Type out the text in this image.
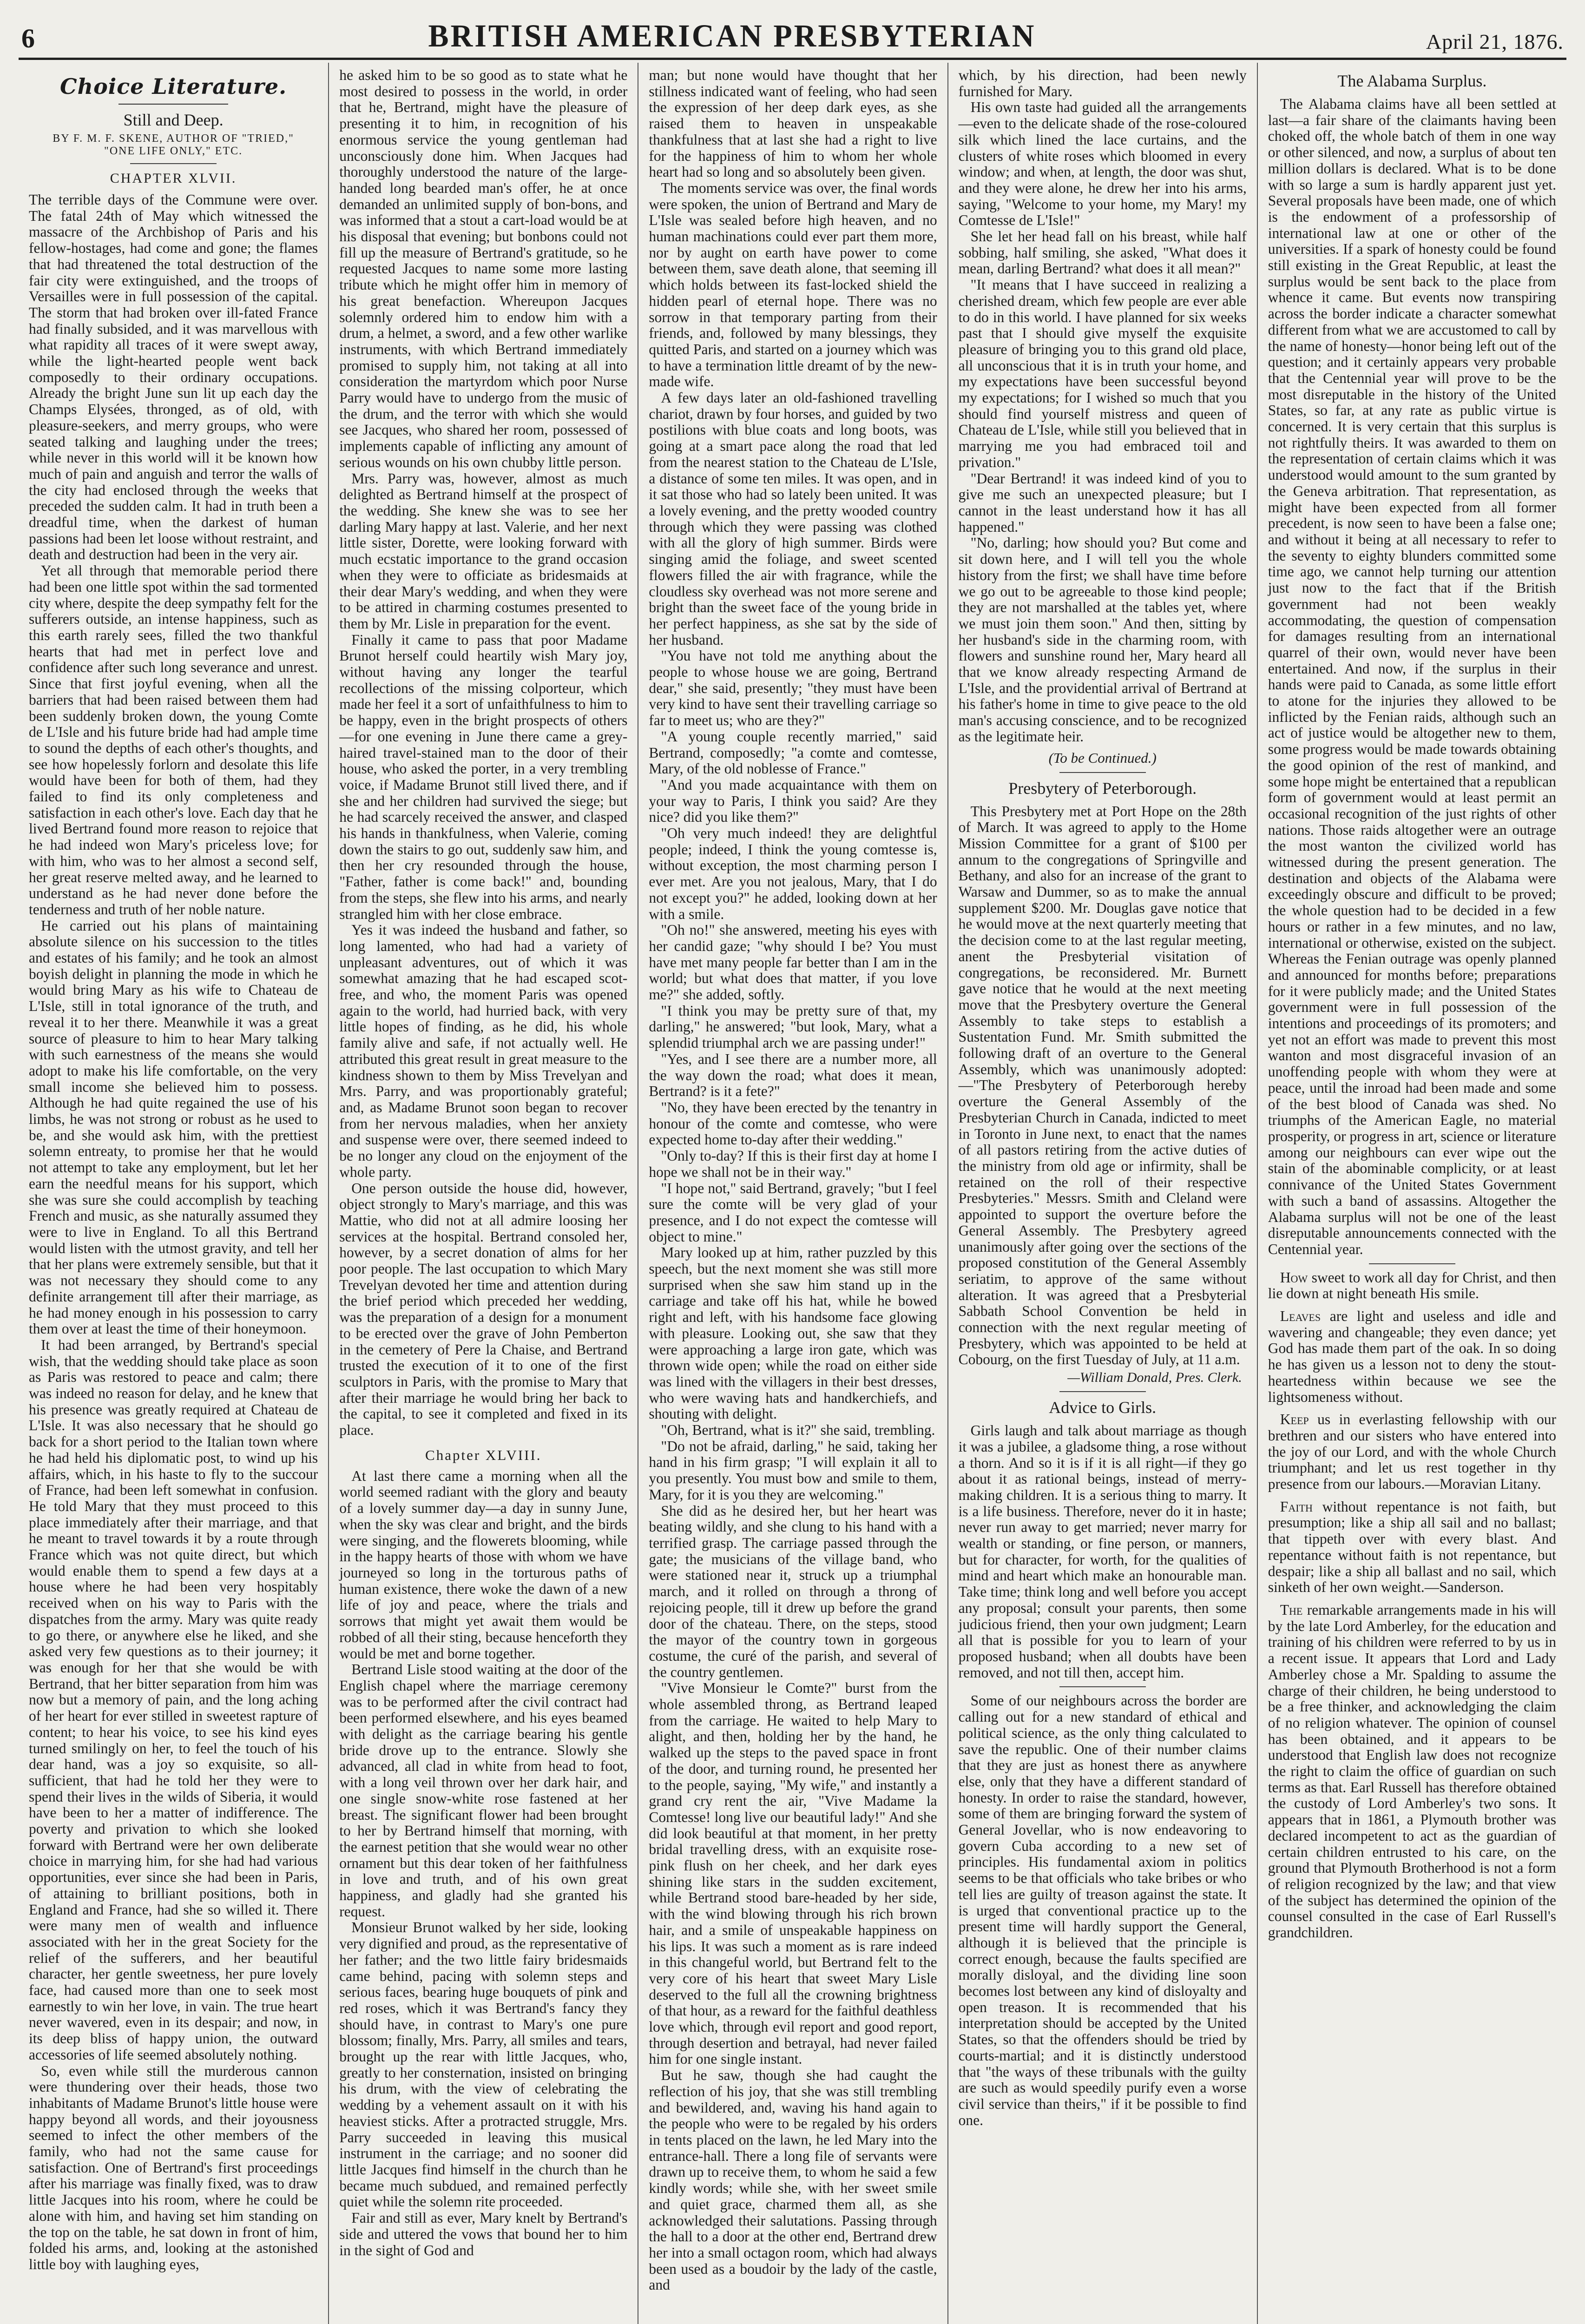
6	BRITISH AMERICAN PRESBYTERIAN	April 21, 1876.
Choice Literature.
Still and Deep.
BY F. M. F. SKENE, AUTHOR OF "TRIED,"
"ONE LIFE ONLY," ETC.
CHAPTER XLVII.

The terrible days of the Commune were over. The fatal 24th of May which witnessed the massacre of the Archbishop of Paris and his fellow-hostages, had come and gone; the flames that had threatened the total destruction of the fair city were extinguished, and the troops of Versailles were in full possession of the capital. The storm that had broken over ill-fated France had finally subsided, and it was marvellous with what rapidity all traces of it were swept away, while the light-hearted people went back composedly to their ordinary occupations. Already the bright June sun lit up each day the Champs Elysées, thronged, as of old, with pleasure-seekers, and merry groups, who were seated talking and laughing under the trees; while never in this world will it be known how much of pain and anguish and terror the walls of the city had enclosed through the weeks that preceded the sudden calm. It had in truth been a dreadful time, when the darkest of human passions had been let loose without restraint, and death and destruction had been in the very air.

Yet all through that memorable period there had been one little spot within the sad tormented city where, despite the deep sympathy felt for the sufferers outside, an intense happiness, such as this earth rarely sees, filled the two thankful hearts that had met in perfect love and confidence after such long severance and unrest. Since that first joyful evening, when all the barriers that had been raised between them had been suddenly broken down, the young Comte de L'Isle and his future bride had had ample time to sound the depths of each other's thoughts, and see how hopelessly forlorn and desolate this life would have been for both of them, had they failed to find its only completeness and satisfaction in each other's love. Each day that he lived Bertrand found more reason to rejoice that he had indeed won Mary's priceless love; for with him, who was to her almost a second self, her great reserve melted away, and he learned to understand as he had never done before the tenderness and truth of her noble nature.

He carried out his plans of maintaining absolute silence on his succession to the titles and estates of his family; and he took an almost boyish delight in planning the mode in which he would bring Mary as his wife to Chateau de L'Isle, still in total ignorance of the truth, and reveal it to her there. Meanwhile it was a great source of pleasure to him to hear Mary talking with such earnestness of the means she would adopt to make his life comfortable, on the very small income she believed him to possess. Although he had quite regained the use of his limbs, he was not strong or robust as he used to be, and she would ask him, with the prettiest solemn entreaty, to promise her that he would not attempt to take any employment, but let her earn the needful means for his support, which she was sure she could accomplish by teaching French and music, as she naturally assumed they were to live in England. To all this Bertrand would listen with the utmost gravity, and tell her that her plans were extremely sensible, but that it was not necessary they should come to any definite arrangement till after their marriage, as he had money enough in his possession to carry them over at least the time of their honeymoon.

It had been arranged, by Bertrand's special wish, that the wedding should take place as soon as Paris was restored to peace and calm; there was indeed no reason for delay, and he knew that his presence was greatly required at Chateau de L'Isle. It was also necessary that he should go back for a short period to the Italian town where he had held his diplomatic post, to wind up his affairs, which, in his haste to fly to the succour of France, had been left somewhat in confusion. He told Mary that they must proceed to this place immediately after their marriage, and that he meant to travel towards it by a route through France which was not quite direct, but which would enable them to spend a few days at a house where he had been very hospitably received when on his way to Paris with the dispatches from the army. Mary was quite ready to go there, or anywhere else he liked, and she asked very few questions as to their journey; it was enough for her that she would be with Bertrand, that her bitter separation from him was now but a memory of pain, and the long aching of her heart for ever stilled in sweetest rapture of content; to hear his voice, to see his kind eyes turned smilingly on her, to feel the touch of his dear hand, was a joy so exquisite, so all-sufficient, that had he told her they were to spend their lives in the wilds of Siberia, it would have been to her a matter of indifference. The poverty and privation to which she looked forward with Bertrand were her own deliberate choice in marrying him, for she had had various opportunities, ever since she had been in Paris, of attaining to brilliant positions, both in England and France, had she so willed it. There were many men of wealth and influence associated with her in the great Society for the relief of the sufferers, and her beautiful character, her gentle sweetness, her pure lovely face, had caused more than one to seek most earnestly to win her love, in vain. The true heart never wavered, even in its despair; and now, in its deep bliss of happy union, the outward accessories of life seemed absolutely nothing.

So, even while still the murderous cannon were thundering over their heads, those two inhabitants of Madame Brunot's little house were happy beyond all words, and their joyousness seemed to infect the other members of the family, who had not the same cause for satisfaction. One of Bertrand's first proceedings after his marriage was finally fixed, was to draw little Jacques into his room, where he could be alone with him, and having set him standing on the top on the table, he sat down in front of him, folded his arms, and, looking at the astonished little boy with laughing eyes,

he asked him to be so good as to state what he most desired to possess in the world, in order that he, Bertrand, might have the pleasure of presenting it to him, in recognition of his enormous service the young gentleman had unconsciously done him. When Jacques had thoroughly understood the nature of the large-handed long bearded man's offer, he at once demanded an unlimited supply of bon-bons, and was informed that a stout a cart-load would be at his disposal that evening; but bonbons could not fill up the measure of Bertrand's gratitude, so he requested Jacques to name some more lasting tribute which he might offer him in memory of his great benefaction. Whereupon Jacques solemnly ordered him to endow him with a drum, a helmet, a sword, and a few other warlike instruments, with which Bertrand immediately promised to supply him, not taking at all into consideration the martyrdom which poor Nurse Parry would have to undergo from the music of the drum, and the terror with which she would see Jacques, who shared her room, possessed of implements capable of inflicting any amount of serious wounds on his own chubby little person.

Mrs. Parry was, however, almost as much delighted as Bertrand himself at the prospect of the wedding. She knew she was to see her darling Mary happy at last. Valerie, and her next little sister, Dorette, were looking forward with much ecstatic importance to the grand occasion when they were to officiate as bridesmaids at their dear Mary's wedding, and when they were to be attired in charming costumes presented to them by Mr. Lisle in preparation for the event.

Finally it came to pass that poor Madame Brunot herself could heartily wish Mary joy, without having any longer the tearful recollections of the missing colporteur, which made her feel it a sort of unfaithfulness to him to be happy, even in the bright prospects of others—for one evening in June there came a grey-haired travel-stained man to the door of their house, who asked the porter, in a very trembling voice, if Madame Brunot still lived there, and if she and her children had survived the siege; but he had scarcely received the answer, and clasped his hands in thankfulness, when Valerie, coming down the stairs to go out, suddenly saw him, and then her cry resounded through the house, "Father, father is come back!" and, bounding from the steps, she flew into his arms, and nearly strangled him with her close embrace.

Yes it was indeed the husband and father, so long lamented, who had had a variety of unpleasant adventures, out of which it was somewhat amazing that he had escaped scot-free, and who, the moment Paris was opened again to the world, had hurried back, with very little hopes of finding, as he did, his whole family alive and safe, if not actually well. He attributed this great result in great measure to the kindness shown to them by Miss Trevelyan and Mrs. Parry, and was proportionably grateful; and, as Madame Brunot soon began to recover from her nervous maladies, when her anxiety and suspense were over, there seemed indeed to be no longer any cloud on the enjoyment of the whole party.

One person outside the house did, however, object strongly to Mary's marriage, and this was Mattie, who did not at all admire loosing her services at the hospital. Bertrand consoled her, however, by a secret donation of alms for her poor people. The last occupation to which Mary Trevelyan devoted her time and attention during the brief period which preceded her wedding, was the preparation of a design for a monument to be erected over the grave of John Pemberton in the cemetery of Pere la Chaise, and Bertrand trusted the execution of it to one of the first sculptors in Paris, with the promise to Mary that after their marriage he would bring her back to the capital, to see it completed and fixed in its place.

Chapter XLVIII.

At last there came a morning when all the world seemed radiant with the glory and beauty of a lovely summer day—a day in sunny June, when the sky was clear and bright, and the birds were singing, and the flowerets blooming, while in the happy hearts of those with whom we have journeyed so long in the torturous paths of human existence, there woke the dawn of a new life of joy and peace, where the trials and sorrows that might yet await them would be robbed of all their sting, because henceforth they would be met and borne together.

Bertrand Lisle stood waiting at the door of the English chapel where the marriage ceremony was to be performed after the civil contract had been performed elsewhere, and his eyes beamed with delight as the carriage bearing his gentle bride drove up to the entrance. Slowly she advanced, all clad in white from head to foot, with a long veil thrown over her dark hair, and one single snow-white rose fastened at her breast. The significant flower had been brought to her by Bertrand himself that morning, with the earnest petition that she would wear no other ornament but this dear token of her faithfulness in love and truth, and of his own great happiness, and gladly had she granted his request.

Monsieur Brunot walked by her side, looking very dignified and proud, as the representative of her father; and the two little fairy bridesmaids came behind, pacing with solemn steps and serious faces, bearing huge bouquets of pink and red roses, which it was Bertrand's fancy they should have, in contrast to Mary's one pure blossom; finally, Mrs. Parry, all smiles and tears, brought up the rear with little Jacques, who, greatly to her consternation, insisted on bringing his drum, with the view of celebrating the wedding by a vehement assault on it with his heaviest sticks. After a protracted struggle, Mrs. Parry succeeded in leaving this musical instrument in the carriage; and no sooner did little Jacques find himself in the church than he became much subdued, and remained perfectly quiet while the solemn rite proceeded.

Fair and still as ever, Mary knelt by Bertrand's side and uttered the vows that bound her to him in the sight of God and

man; but none would have thought that her stillness indicated want of feeling, who had seen the expression of her deep dark eyes, as she raised them to heaven in unspeakable thankfulness that at last she had a right to live for the happiness of him to whom her whole heart had so long and so absolutely been given.

The moments service was over, the final words were spoken, the union of Bertrand and Mary de L'Isle was sealed before high heaven, and no human machinations could ever part them more, nor by aught on earth have power to come between them, save death alone, that seeming ill which holds between its fast-locked shield the hidden pearl of eternal hope. There was no sorrow in that temporary parting from their friends, and, followed by many blessings, they quitted Paris, and started on a journey which was to have a termination little dreamt of by the new-made wife.

A few days later an old-fashioned travelling chariot, drawn by four horses, and guided by two postilions with blue coats and long boots, was going at a smart pace along the road that led from the nearest station to the Chateau de L'Isle, a distance of some ten miles. It was open, and in it sat those who had so lately been united. It was a lovely evening, and the pretty wooded country through which they were passing was clothed with all the glory of high summer. Birds were singing amid the foliage, and sweet scented flowers filled the air with fragrance, while the cloudless sky overhead was not more serene and bright than the sweet face of the young bride in her perfect happiness, as she sat by the side of her husband.

"You have not told me anything about the people to whose house we are going, Bertrand dear," she said, presently; "they must have been very kind to have sent their travelling carriage so far to meet us; who are they?"

"A young couple recently married," said Bertrand, composedly; "a comte and comtesse, Mary, of the old noblesse of France."

"And you made acquaintance with them on your way to Paris, I think you said? Are they nice? did you like them?"

"Oh very much indeed! they are delightful people; indeed, I think the young comtesse is, without exception, the most charming person I ever met. Are you not jealous, Mary, that I do not except you?" he added, looking down at her with a smile.

"Oh no!" she answered, meeting his eyes with her candid gaze; "why should I be? You must have met many people far better than I am in the world; but what does that matter, if you love me?" she added, softly.

"I think you may be pretty sure of that, my darling," he answered; "but look, Mary, what a splendid triumphal arch we are passing under!"

"Yes, and I see there are a number more, all the way down the road; what does it mean, Bertrand? is it a fete?"

"No, they have been erected by the tenantry in honour of the comte and comtesse, who were expected home to-day after their wedding."

"Only to-day? If this is their first day at home I hope we shall not be in their way."

"I hope not," said Bertrand, gravely; "but I feel sure the comte will be very glad of your presence, and I do not expect the comtesse will object to mine."

Mary looked up at him, rather puzzled by this speech, but the next moment she was still more surprised when she saw him stand up in the carriage and take off his hat, while he bowed right and left, with his handsome face glowing with pleasure. Looking out, she saw that they were approaching a large iron gate, which was thrown wide open; while the road on either side was lined with the villagers in their best dresses, who were waving hats and handkerchiefs, and shouting with delight.

"Oh, Bertrand, what is it?" she said, trembling.

"Do not be afraid, darling," he said, taking her hand in his firm grasp; "I will explain it all to you presently. You must bow and smile to them, Mary, for it is you they are welcoming."

She did as he desired her, but her heart was beating wildly, and she clung to his hand with a terrified grasp. The carriage passed through the gate; the musicians of the village band, who were stationed near it, struck up a triumphal march, and it rolled on through a throng of rejoicing people, till it drew up before the grand door of the chateau. There, on the steps, stood the mayor of the country town in gorgeous costume, the curé of the parish, and several of the country gentlemen.

"Vive Monsieur le Comte?" burst from the whole assembled throng, as Bertrand leaped from the carriage. He waited to help Mary to alight, and then, holding her by the hand, he walked up the steps to the paved space in front of the door, and turning round, he presented her to the people, saying, "My wife," and instantly a grand cry rent the air, "Vive Madame la Comtesse! long live our beautiful lady!" And she did look beautiful at that moment, in her pretty bridal travelling dress, with an exquisite rose-pink flush on her cheek, and her dark eyes shining like stars in the sudden excitement, while Bertrand stood bare-headed by her side, with the wind blowing through his rich brown hair, and a smile of unspeakable happiness on his lips. It was such a moment as is rare indeed in this changeful world, but Bertrand felt to the very core of his heart that sweet Mary Lisle deserved to the full all the crowning brightness of that hour, as a reward for the faithful deathless love which, through evil report and good report, through desertion and betrayal, had never failed him for one single instant.

But he saw, though she had caught the reflection of his joy, that she was still trembling and bewildered, and, waving his hand again to the people who were to be regaled by his orders in tents placed on the lawn, he led Mary into the entrance-hall. There a long file of servants were drawn up to receive them, to whom he said a few kindly words; while she, with her sweet smile and quiet grace, charmed them all, as she acknowledged their salutations. Passing through the hall to a door at the other end, Bertrand drew her into a small octagon room, which had always been used as a boudoir by the lady of the castle, and

which, by his direction, had been newly furnished for Mary.

His own taste had guided all the arrangements—even to the delicate shade of the rose-coloured silk which lined the lace curtains, and the clusters of white roses which bloomed in every window; and when, at length, the door was shut, and they were alone, he drew her into his arms, saying, "Welcome to your home, my Mary! my Comtesse de L'Isle!"

She let her head fall on his breast, while half sobbing, half smiling, she asked, "What does it mean, darling Bertrand? what does it all mean?"

"It means that I have succeed in realizing a cherished dream, which few people are ever able to do in this world. I have planned for six weeks past that I should give myself the exquisite pleasure of bringing you to this grand old place, all unconscious that it is in truth your home, and my expectations have been successful beyond my expectations; for I wished so much that you should find yourself mistress and queen of Chateau de L'Isle, while still you believed that in marrying me you had embraced toil and privation."

"Dear Bertrand! it was indeed kind of you to give me such an unexpected pleasure; but I cannot in the least understand how it has all happened."

"No, darling; how should you? But come and sit down here, and I will tell you the whole history from the first; we shall have time before we go out to be agreeable to those kind people; they are not marshalled at the tables yet, where we must join them soon." And then, sitting by her husband's side in the charming room, with flowers and sunshine round her, Mary heard all that we know already respecting Armand de L'Isle, and the providential arrival of Bertrand at his father's home in time to give peace to the old man's accusing conscience, and to be recognized as the legitimate heir.

(To be Continued.)
Presbytery of Peterborough.

This Presbytery met at Port Hope on the 28th of March. It was agreed to apply to the Home Mission Committee for a grant of $100 per annum to the congregations of Springville and Bethany, and also for an increase of the grant to Warsaw and Dummer, so as to make the annual supplement $200. Mr. Douglas gave notice that he would move at the next quarterly meeting that the decision come to at the last regular meeting, anent the Presbyterial visitation of congregations, be reconsidered. Mr. Burnett gave notice that he would at the next meeting move that the Presbytery overture the General Assembly to take steps to establish a Sustentation Fund. Mr. Smith submitted the following draft of an overture to the General Assembly, which was unanimously adopted:—"The Presbytery of Peterborough hereby overture the General Assembly of the Presbyterian Church in Canada, indicted to meet in Toronto in June next, to enact that the names of all pastors retiring from the active duties of the ministry from old age or infirmity, shall be retained on the roll of their respective Presbyteries." Messrs. Smith and Cleland were appointed to support the overture before the General Assembly. The Presbytery agreed unanimously after going over the sections of the proposed constitution of the General Assembly seriatim, to approve of the same without alteration. It was agreed that a Presbyterial Sabbath School Convention be held in connection with the next regular meeting of Presbytery, which was appointed to be held at Cobourg, on the first Tuesday of July, at 11 a.m.

—William Donald, Pres. Clerk.
Advice to Girls.

Girls laugh and talk about marriage as though it was a jubilee, a gladsome thing, a rose without a thorn. And so it is if it is all right—if they go about it as rational beings, instead of merry-making children. It is a serious thing to marry. It is a life business. Therefore, never do it in haste; never run away to get married; never marry for wealth or standing, or fine person, or manners, but for character, for worth, for the qualities of mind and heart which make an honourable man. Take time; think long and well before you accept any proposal; consult your parents, then some judicious friend, then your own judgment; Learn all that is possible for you to learn of your proposed husband; when all doubts have been removed, and not till then, accept him.

Some of our neighbours across the border are calling out for a new standard of ethical and political science, as the only thing calculated to save the republic. One of their number claims that they are just as honest there as anywhere else, only that they have a different standard of honesty. In order to raise the standard, however, some of them are bringing forward the system of General Jovellar, who is now endeavoring to govern Cuba according to a new set of principles. His fundamental axiom in politics seems to be that officials who take bribes or who tell lies are guilty of treason against the state. It is urged that conventional practice up to the present time will hardly support the General, although it is believed that the principle is correct enough, because the faults specified are morally disloyal, and the dividing line soon becomes lost between any kind of disloyalty and open treason. It is recommended that his interpretation should be accepted by the United States, so that the offenders should be tried by courts-martial; and it is distinctly understood that "the ways of these tribunals with the guilty are such as would speedily purify even a worse civil service than theirs," if it be possible to find one.

The Alabama Surplus.

The Alabama claims have all been settled at last—a fair share of the claimants having been choked off, the whole batch of them in one way or other silenced, and now, a surplus of about ten million dollars is declared. What is to be done with so large a sum is hardly apparent just yet. Several proposals have been made, one of which is the endowment of a professorship of international law at one or other of the universities. If a spark of honesty could be found still existing in the Great Republic, at least the surplus would be sent back to the place from whence it came. But events now transpiring across the border indicate a character somewhat different from what we are accustomed to call by the name of honesty—honor being left out of the question; and it certainly appears very probable that the Centennial year will prove to be the most disreputable in the history of the United States, so far, at any rate as public virtue is concerned. It is very certain that this surplus is not rightfully theirs. It was awarded to them on the representation of certain claims which it was understood would amount to the sum granted by the Geneva arbitration. That representation, as might have been expected from all former precedent, is now seen to have been a false one; and without it being at all necessary to refer to the seventy to eighty blunders committed some time ago, we cannot help turning our attention just now to the fact that if the British government had not been weakly accommodating, the question of compensation for damages resulting from an international quarrel of their own, would never have been entertained. And now, if the surplus in their hands were paid to Canada, as some little effort to atone for the injuries they allowed to be inflicted by the Fenian raids, although such an act of justice would be altogether new to them, some progress would be made towards obtaining the good opinion of the rest of mankind, and some hope might be entertained that a republican form of government would at least permit an occasional recognition of the just rights of other nations. Those raids altogether were an outrage the most wanton the civilized world has witnessed during the present generation. The destination and objects of the Alabama were exceedingly obscure and difficult to be proved; the whole question had to be decided in a few hours or rather in a few minutes, and no law, international or otherwise, existed on the subject. Whereas the Fenian outrage was openly planned and announced for months before; preparations for it were publicly made; and the United States government were in full possession of the intentions and proceedings of its promoters; and yet not an effort was made to prevent this most wanton and most disgraceful invasion of an unoffending people with whom they were at peace, until the inroad had been made and some of the best blood of Canada was shed. No triumphs of the American Eagle, no material prosperity, or progress in art, science or literature among our neighbours can ever wipe out the stain of the abominable complicity, or at least connivance of the United States Government with such a band of assassins. Altogether the Alabama surplus will not be one of the least disreputable announcements connected with the Centennial year.

How sweet to work all day for Christ, and then lie down at night beneath His smile.

Leaves are light and useless and idle and wavering and changeable; they even dance; yet God has made them part of the oak. In so doing he has given us a lesson not to deny the stout-heartedness within because we see the lightsomeness without.

Keep us in everlasting fellowship with our brethren and our sisters who have entered into the joy of our Lord, and with the whole Church triumphant; and let us rest together in thy presence from our labours.—Moravian Litany.

Faith without repentance is not faith, but presumption; like a ship all sail and no ballast; that tippeth over with every blast. And repentance without faith is not repentance, but despair; like a ship all ballast and no sail, which sinketh of her own weight.—Sanderson.

The remarkable arrangements made in his will by the late Lord Amberley, for the education and training of his children were referred to by us in a recent issue. It appears that Lord and Lady Amberley chose a Mr. Spalding to assume the charge of their children, he being understood to be a free thinker, and acknowledging the claim of no religion whatever. The opinion of counsel has been obtained, and it appears to be understood that English law does not recognize the right to claim the office of guardian on such terms as that. Earl Russell has therefore obtained the custody of Lord Amberley's two sons. It appears that in 1861, a Plymouth brother was declared incompetent to act as the guardian of certain children entrusted to his care, on the ground that Plymouth Brotherhood is not a form of religion recognized by the law; and that view of the subject has determined the opinion of the counsel consulted in the case of Earl Russell's grandchildren.
